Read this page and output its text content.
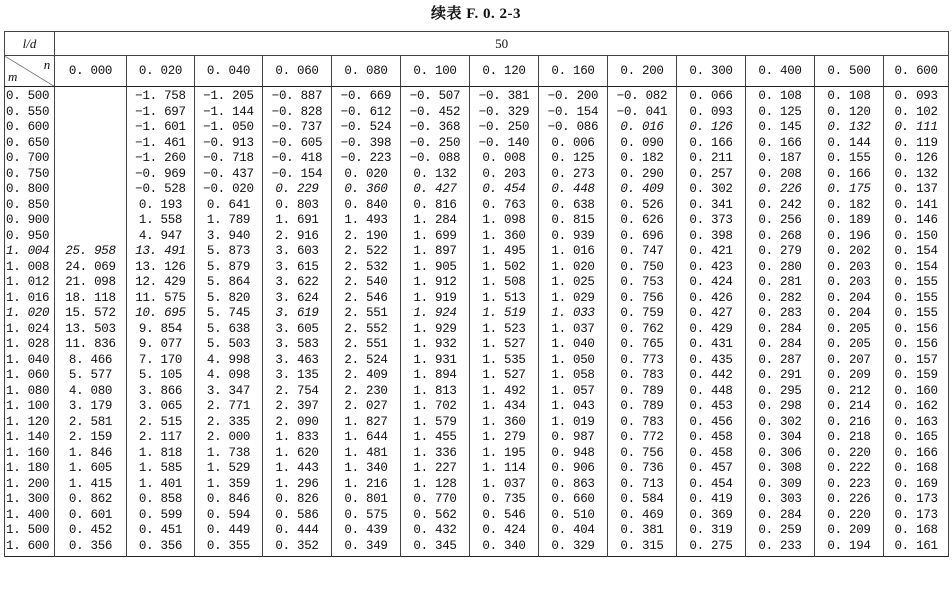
续表 F. 0. 2-3
l/d	50												

n
m	0. 000	0. 020	0. 040	0. 060	0. 080	0. 100	0. 120	0. 160	0. 200	0. 300	0. 400	0. 500	0. 600
0. 500		−1. 758	−1. 205	−0. 887	−0. 669	−0. 507	−0. 381	−0. 200	−0. 082	0. 066	0. 108	0. 108	0. 093
0. 550		−1. 697	−1. 144	−0. 828	−0. 612	−0. 452	−0. 329	−0. 154	−0. 041	0. 093	0. 125	0. 120	0. 102
0. 600		−1. 601	−1. 050	−0. 737	−0. 524	−0. 368	−0. 250	−0. 086	0. 016	0. 126	0. 145	0. 132	0. 111
0. 650		−1. 461	−0. 913	−0. 605	−0. 398	−0. 250	−0. 140	0. 006	0. 090	0. 166	0. 166	0. 144	0. 119
0. 700		−1. 260	−0. 718	−0. 418	−0. 223	−0. 088	0. 008	0. 125	0. 182	0. 211	0. 187	0. 155	0. 126
0. 750		−0. 969	−0. 437	−0. 154	0. 020	0. 132	0. 203	0. 273	0. 290	0. 257	0. 208	0. 166	0. 132
0. 800		−0. 528	−0. 020	0. 229	0. 360	0. 427	0. 454	0. 448	0. 409	0. 302	0. 226	0. 175	0. 137
0. 850		0. 193	0. 641	0. 803	0. 840	0. 816	0. 763	0. 638	0. 526	0. 341	0. 242	0. 182	0. 141
0. 900		1. 558	1. 789	1. 691	1. 493	1. 284	1. 098	0. 815	0. 626	0. 373	0. 256	0. 189	0. 146
0. 950		4. 947	3. 940	2. 916	2. 190	1. 699	1. 360	0. 939	0. 696	0. 398	0. 268	0. 196	0. 150
1. 004	25. 958	13. 491	5. 873	3. 603	2. 522	1. 897	1. 495	1. 016	0. 747	0. 421	0. 279	0. 202	0. 154
1. 008	24. 069	13. 126	5. 879	3. 615	2. 532	1. 905	1. 502	1. 020	0. 750	0. 423	0. 280	0. 203	0. 154
1. 012	21. 098	12. 429	5. 864	3. 622	2. 540	1. 912	1. 508	1. 025	0. 753	0. 424	0. 281	0. 203	0. 155
1. 016	18. 118	11. 575	5. 820	3. 624	2. 546	1. 919	1. 513	1. 029	0. 756	0. 426	0. 282	0. 204	0. 155
1. 020	15. 572	10. 695	5. 745	3. 619	2. 551	1. 924	1. 519	1. 033	0. 759	0. 427	0. 283	0. 204	0. 155
1. 024	13. 503	9. 854	5. 638	3. 605	2. 552	1. 929	1. 523	1. 037	0. 762	0. 429	0. 284	0. 205	0. 156
1. 028	11. 836	9. 077	5. 503	3. 583	2. 551	1. 932	1. 527	1. 040	0. 765	0. 431	0. 284	0. 205	0. 156
1. 040	8. 466	7. 170	4. 998	3. 463	2. 524	1. 931	1. 535	1. 050	0. 773	0. 435	0. 287	0. 207	0. 157
1. 060	5. 577	5. 105	4. 098	3. 135	2. 409	1. 894	1. 527	1. 058	0. 783	0. 442	0. 291	0. 209	0. 159
1. 080	4. 080	3. 866	3. 347	2. 754	2. 230	1. 813	1. 492	1. 057	0. 789	0. 448	0. 295	0. 212	0. 160
1. 100	3. 179	3. 065	2. 771	2. 397	2. 027	1. 702	1. 434	1. 043	0. 789	0. 453	0. 298	0. 214	0. 162
1. 120	2. 581	2. 515	2. 335	2. 090	1. 827	1. 579	1. 360	1. 019	0. 783	0. 456	0. 302	0. 216	0. 163
1. 140	2. 159	2. 117	2. 000	1. 833	1. 644	1. 455	1. 279	0. 987	0. 772	0. 458	0. 304	0. 218	0. 165
1. 160	1. 846	1. 818	1. 738	1. 620	1. 481	1. 336	1. 195	0. 948	0. 756	0. 458	0. 306	0. 220	0. 166
1. 180	1. 605	1. 585	1. 529	1. 443	1. 340	1. 227	1. 114	0. 906	0. 736	0. 457	0. 308	0. 222	0. 168
1. 200	1. 415	1. 401	1. 359	1. 296	1. 216	1. 128	1. 037	0. 863	0. 713	0. 454	0. 309	0. 223	0. 169
1. 300	0. 862	0. 858	0. 846	0. 826	0. 801	0. 770	0. 735	0. 660	0. 584	0. 419	0. 303	0. 226	0. 173
1. 400	0. 601	0. 599	0. 594	0. 586	0. 575	0. 562	0. 546	0. 510	0. 469	0. 369	0. 284	0. 220	0. 173
1. 500	0. 452	0. 451	0. 449	0. 444	0. 439	0. 432	0. 424	0. 404	0. 381	0. 319	0. 259	0. 209	0. 168
1. 600	0. 356	0. 356	0. 355	0. 352	0. 349	0. 345	0. 340	0. 329	0. 315	0. 275	0. 233	0. 194	0. 161
